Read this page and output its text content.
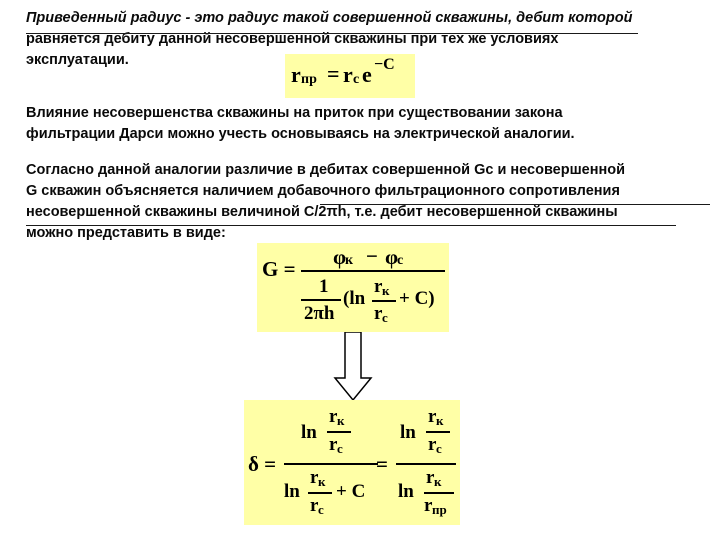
Приведенный радиус - это радиус такой совершенной скважины, дебит которой
равняется дебиту данной несовершенной скважины при тех же условиях
эксплуатации.

r пр = r c e −C

Влияние несовершенства скважины на приток при существовании закона
фильтрации Дарси можно учесть основываясь на электрической аналогии.

Согласно данной аналогии различие в дебитах совершенной Gс и несовершенной
G скважин объясняется наличием добавочного фильтрационного сопротивления
несовершенной скважины величиной C/2πh, т.е. дебит несовершенной скважины
можно представить в виде:

G = φ
к − φ
с
1
2πh
(ln
r к
r с
+ C)
δ =
ln
r к
r с
ln
r к
r с
+ C
=
ln
r к
r с
ln
r к
r пр
